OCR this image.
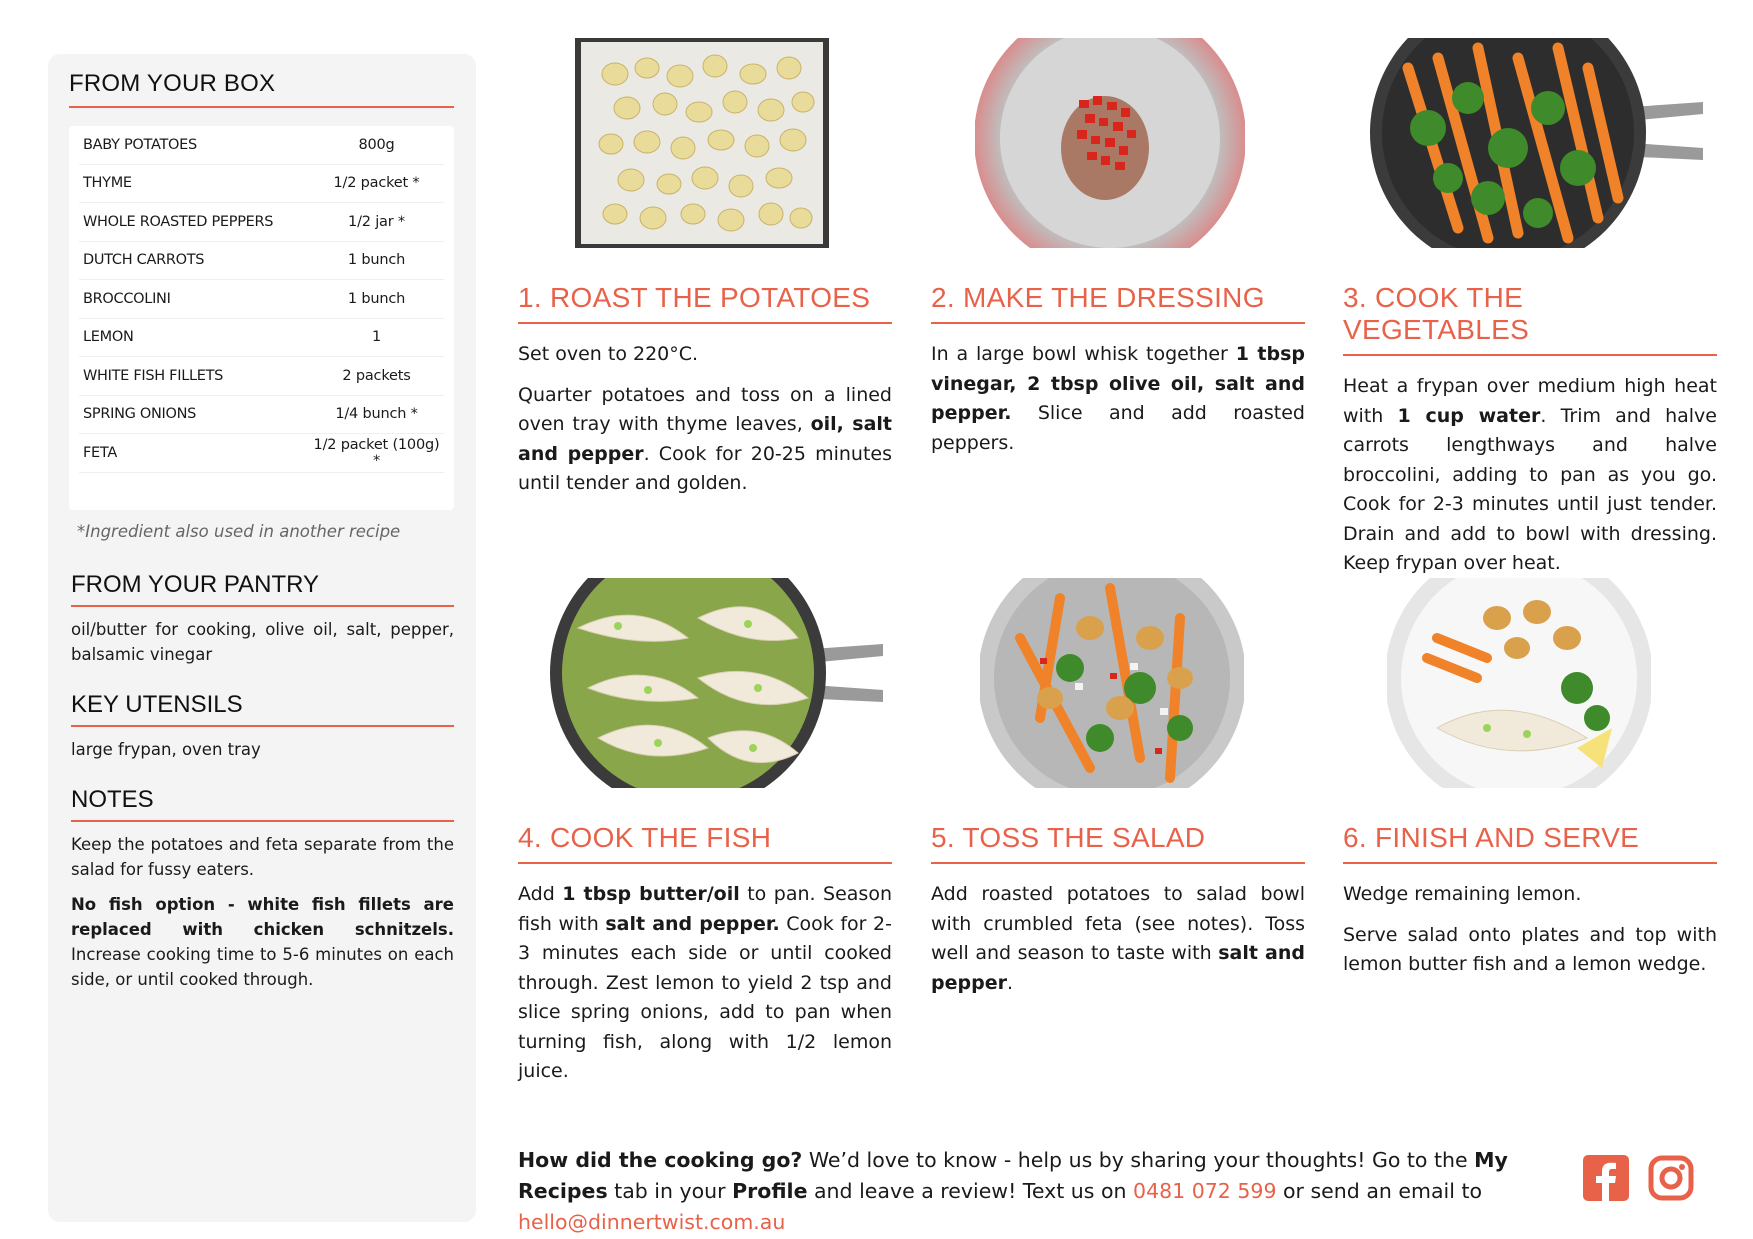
FROM YOUR BOX
BABY POTATOES	800g
THYME	1/2 packet *
WHOLE ROASTED PEPPERS	1/2 jar *
DUTCH CARROTS	1 bunch
BROCCOLINI	1 bunch
LEMON	1
WHITE FISH FILLETS	2 packets
SPRING ONIONS	1/4 bunch *
FETA	1/2 packet (100g) *
*Ingredient also used in another recipe
FROM YOUR PANTRY
oil/butter for cooking, olive oil, salt, pepper, balsamic vinegar
KEY UTENSILS
large frypan, oven tray
NOTES
Keep the potatoes and feta separate from the salad for fussy eaters.
No fish option - white fish fillets are replaced with chicken schnitzels. Increase cooking time to 5-6 minutes on each side, or until cooked through.
1. ROAST THE POTATOES

Set oven to 220°C.

Quarter potatoes and toss on a lined oven tray with thyme leaves, oil, salt and pepper. Cook for 20-25 minutes until tender and golden.

2. MAKE THE DRESSING

In a large bowl whisk together 1 tbsp vinegar, 2 tbsp olive oil, salt and pepper. Slice and add roasted peppers.

3. COOK THE VEGETABLES

Heat a frypan over medium high heat with 1 cup water. Trim and halve carrots lengthways and halve broccolini, adding to pan as you go. Cook for 2-3 minutes until just tender. Drain and add to bowl with dressing. Keep frypan over heat.

4. COOK THE FISH

Add 1 tbsp butter/oil to pan. Season fish with salt and pepper. Cook for 2-3 minutes each side or until cooked through. Zest lemon to yield 2 tsp and slice spring onions, add to pan when turning fish, along with 1/2 lemon juice.

5. TOSS THE SALAD

Add roasted potatoes to salad bowl with crumbled feta (see notes). Toss well and season to taste with salt and pepper.

6. FINISH AND SERVE

Wedge remaining lemon.

Serve salad onto plates and top with lemon butter fish and a lemon wedge.

How did the cooking go? We’d love to know - help us by sharing your thoughts! Go to the My Recipes tab in your Profile and leave a review! Text us on 0481 072 599 or send an email to hello@dinnertwist.com.au
